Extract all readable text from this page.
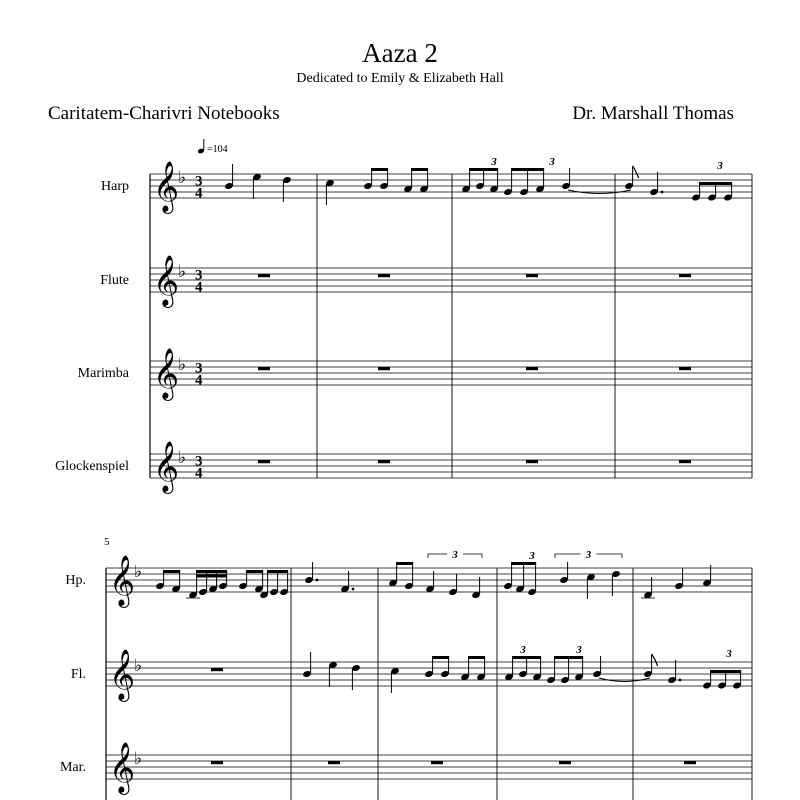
Aaza 2
Dedicated to Emily & Elizabeth Hall
Caritatem-Charivri Notebooks	Dr. Marshall Thomas
=104
𝄞
♭ 3
4
Harp
𝄞
♭ 3
4
Flute
𝄞
♭ 3
4
Marimba
𝄞
♭ 3
4
Glockenspiel
3	3	3
5
𝄞
♭
Hp.
𝄞
♭
Fl.
𝄞
♭
Mar.
3	3	3
3	3	3
